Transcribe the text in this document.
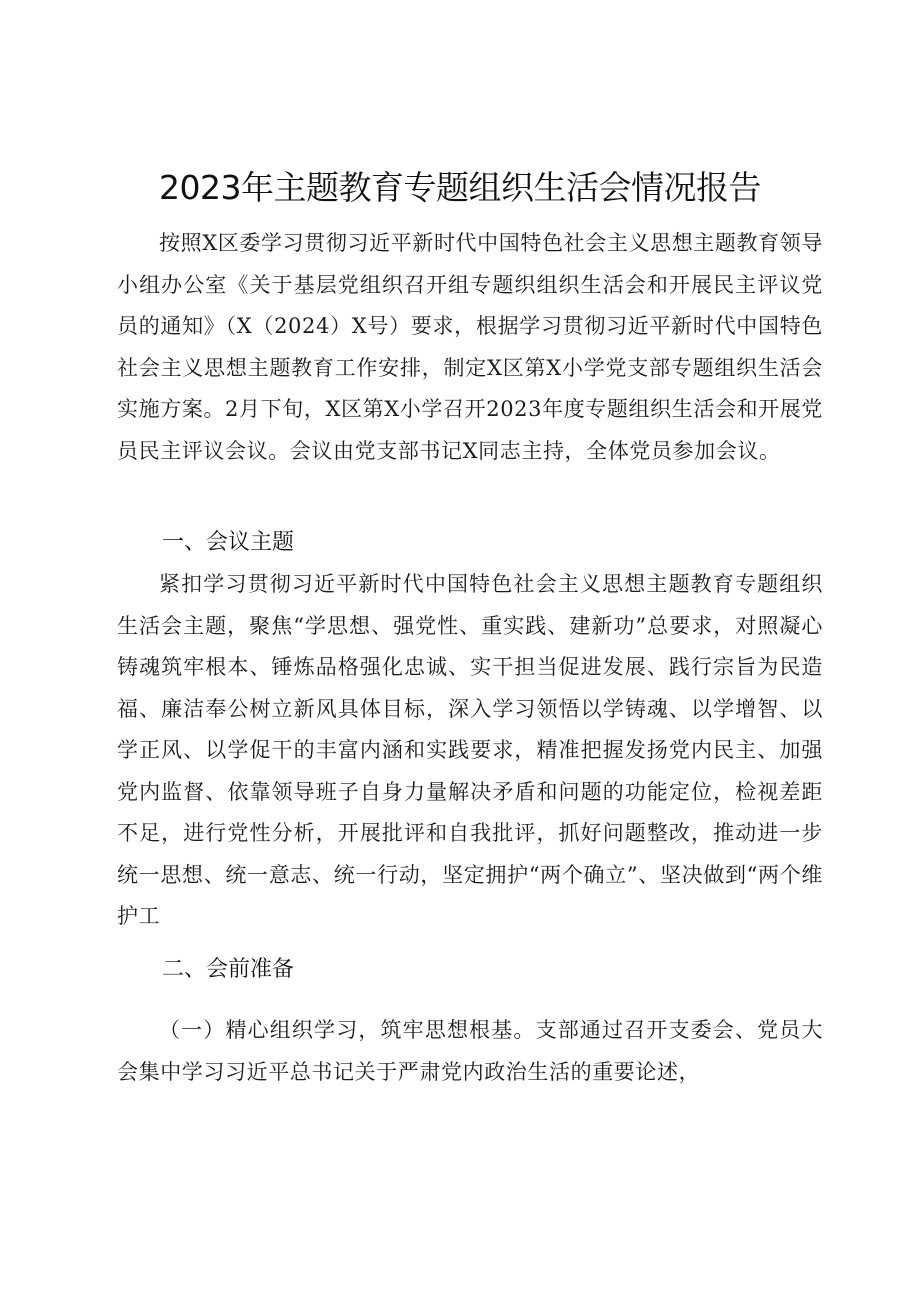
2023年主题教育专题组织生活会情况报告

按照X区委学习贯彻习近平新时代中国特色社会主义思想主题教育领导小组办公室《关于基层党组织召开组专题织组织生活会和开展民主评议党员的通知》（X（2024）X号）要求，根据学习贯彻习近平新时代中国特色社会主义思想主题教育工作安排，制定X区第X小学党支部专题组织生活会实施方案。2月下旬，X区第X小学召开2023年度专题组织生活会和开展党员民主评议会议。会议由党支部书记X同志主持，全体党员参加会议。

一、会议主题

紧扣学习贯彻习近平新时代中国特色社会主义思想主题教育专题组织生活会主题，聚焦“学思想、强党性、重实践、建新功”总要求，对照凝心铸魂筑牢根本、锤炼品格强化忠诚、实干担当促进发展、践行宗旨为民造福、廉洁奉公树立新风具体目标，深入学习领悟以学铸魂、以学增智、以学正风、以学促干的丰富内涵和实践要求，精准把握发扬党内民主、加强党内监督、依靠领导班子自身力量解决矛盾和问题的功能定位，检视差距不足，进行党性分析，开展批评和自我批评，抓好问题整改，推动进一步统一思想、统一意志、统一行动，坚定拥护“两个确立”、坚决做到“两个维护工

二、会前准备

（一）精心组织学习，筑牢思想根基。支部通过召开支委会、党员大会集中学习习近平总书记关于严肃党内政治生活的重要论述，
